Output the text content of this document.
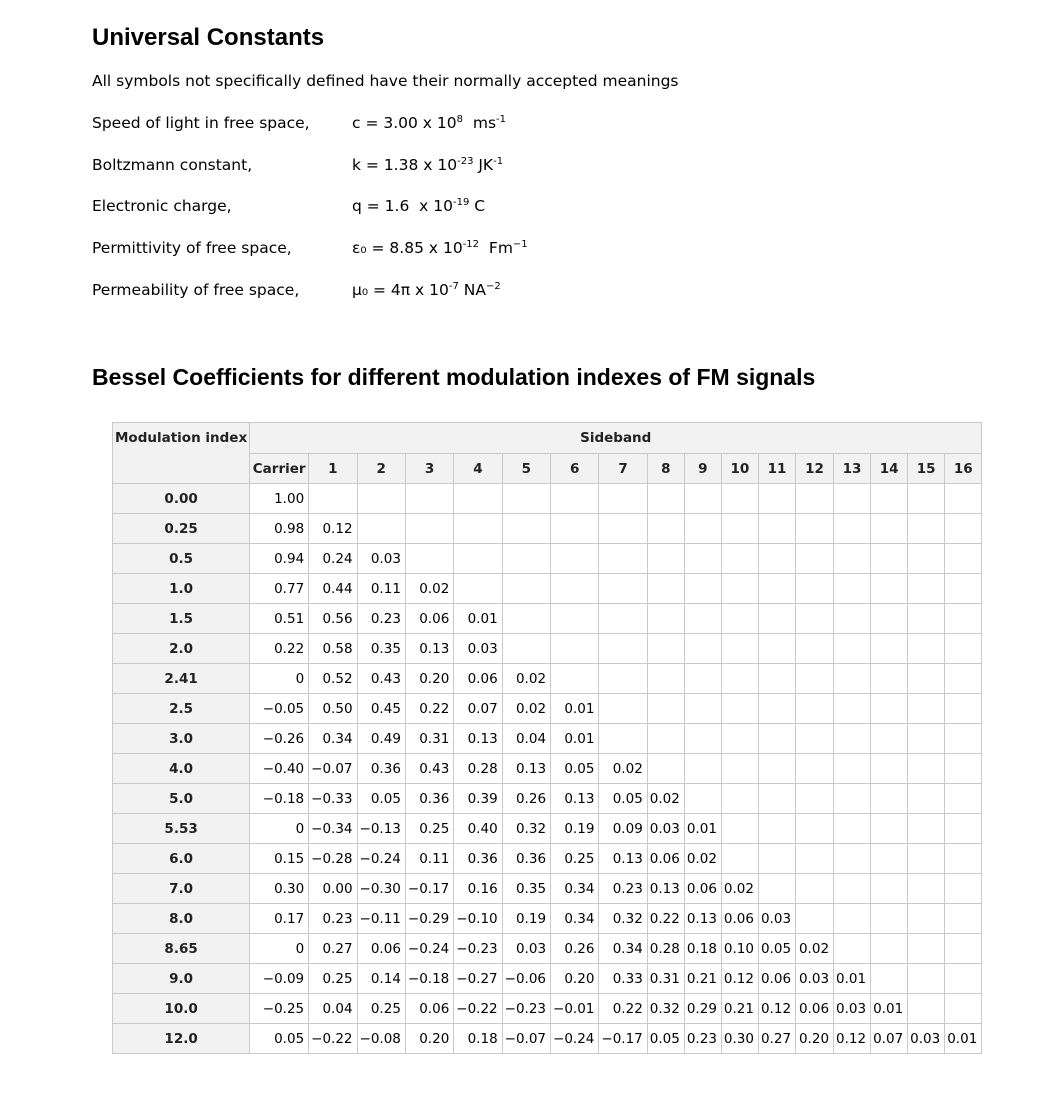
Universal Constants

All symbols not specifically defined have their normally accepted meanings

Speed of light in free space,	c = 3.00 x $10^8$  $ms^{-1}$
Boltzmann constant,	k = 1.38 x $10^{-23}$ $JK^{-1}$
Electronic charge,	q = 1.6  x $10^{-19}$ C
Permittivity of free space,	ε₀ = 8.85 x $10^{-12}$  $Fm^{-1}$
Permeability of free space,	μ₀ = 4π x $10^{-7}$ $NA^{-2}$
Bessel Coefficients for different modulation indexes of FM signals
Modulation index	Sideband																
	Carrier	1	2	3	4	5	6	7	8	9	10	11	12	13	14	15	16
0.00	1.00																
0.25	0.98	0.12															
0.5	0.94	0.24	0.03														
1.0	0.77	0.44	0.11	0.02													
1.5	0.51	0.56	0.23	0.06	0.01												
2.0	0.22	0.58	0.35	0.13	0.03												
2.41	0	0.52	0.43	0.20	0.06	0.02											
2.5	−0.05	0.50	0.45	0.22	0.07	0.02	0.01										
3.0	−0.26	0.34	0.49	0.31	0.13	0.04	0.01										
4.0	−0.40	−0.07	0.36	0.43	0.28	0.13	0.05	0.02									
5.0	−0.18	−0.33	0.05	0.36	0.39	0.26	0.13	0.05	0.02								
5.53	0	−0.34	−0.13	0.25	0.40	0.32	0.19	0.09	0.03	0.01							
6.0	0.15	−0.28	−0.24	0.11	0.36	0.36	0.25	0.13	0.06	0.02							
7.0	0.30	0.00	−0.30	−0.17	0.16	0.35	0.34	0.23	0.13	0.06	0.02						
8.0	0.17	0.23	−0.11	−0.29	−0.10	0.19	0.34	0.32	0.22	0.13	0.06	0.03					
8.65	0	0.27	0.06	−0.24	−0.23	0.03	0.26	0.34	0.28	0.18	0.10	0.05	0.02				
9.0	−0.09	0.25	0.14	−0.18	−0.27	−0.06	0.20	0.33	0.31	0.21	0.12	0.06	0.03	0.01			
10.0	−0.25	0.04	0.25	0.06	−0.22	−0.23	−0.01	0.22	0.32	0.29	0.21	0.12	0.06	0.03	0.01		
12.0	0.05	−0.22	−0.08	0.20	0.18	−0.07	−0.24	−0.17	0.05	0.23	0.30	0.27	0.20	0.12	0.07	0.03	0.01
